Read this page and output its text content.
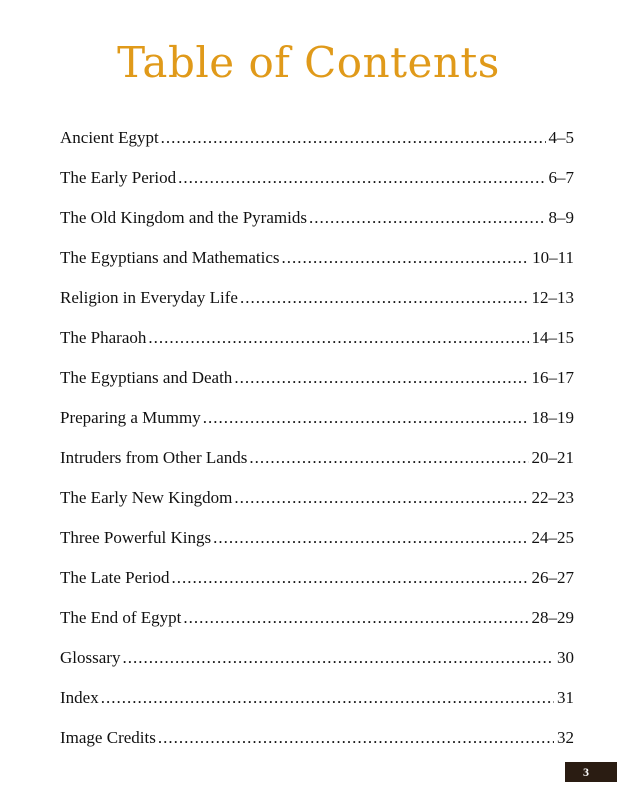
Table of Contents
Ancient Egypt .....	4–5
The Early Period .....	6–7
The Old Kingdom and the Pyramids .....	8–9
The Egyptians and Mathematics .....	10–11
Religion in Everyday Life .....	12–13
The Pharaoh .....	14–15
The Egyptians and Death .....	16–17
Preparing a Mummy .....	18–19
Intruders from Other Lands .....	20–21
The Early New Kingdom .....	22–23
Three Powerful Kings .....	24–25
The Late Period .....	26–27
The End of Egypt .....	28–29
Glossary .....	30
Index .....	31
Image Credits .....	32
3
